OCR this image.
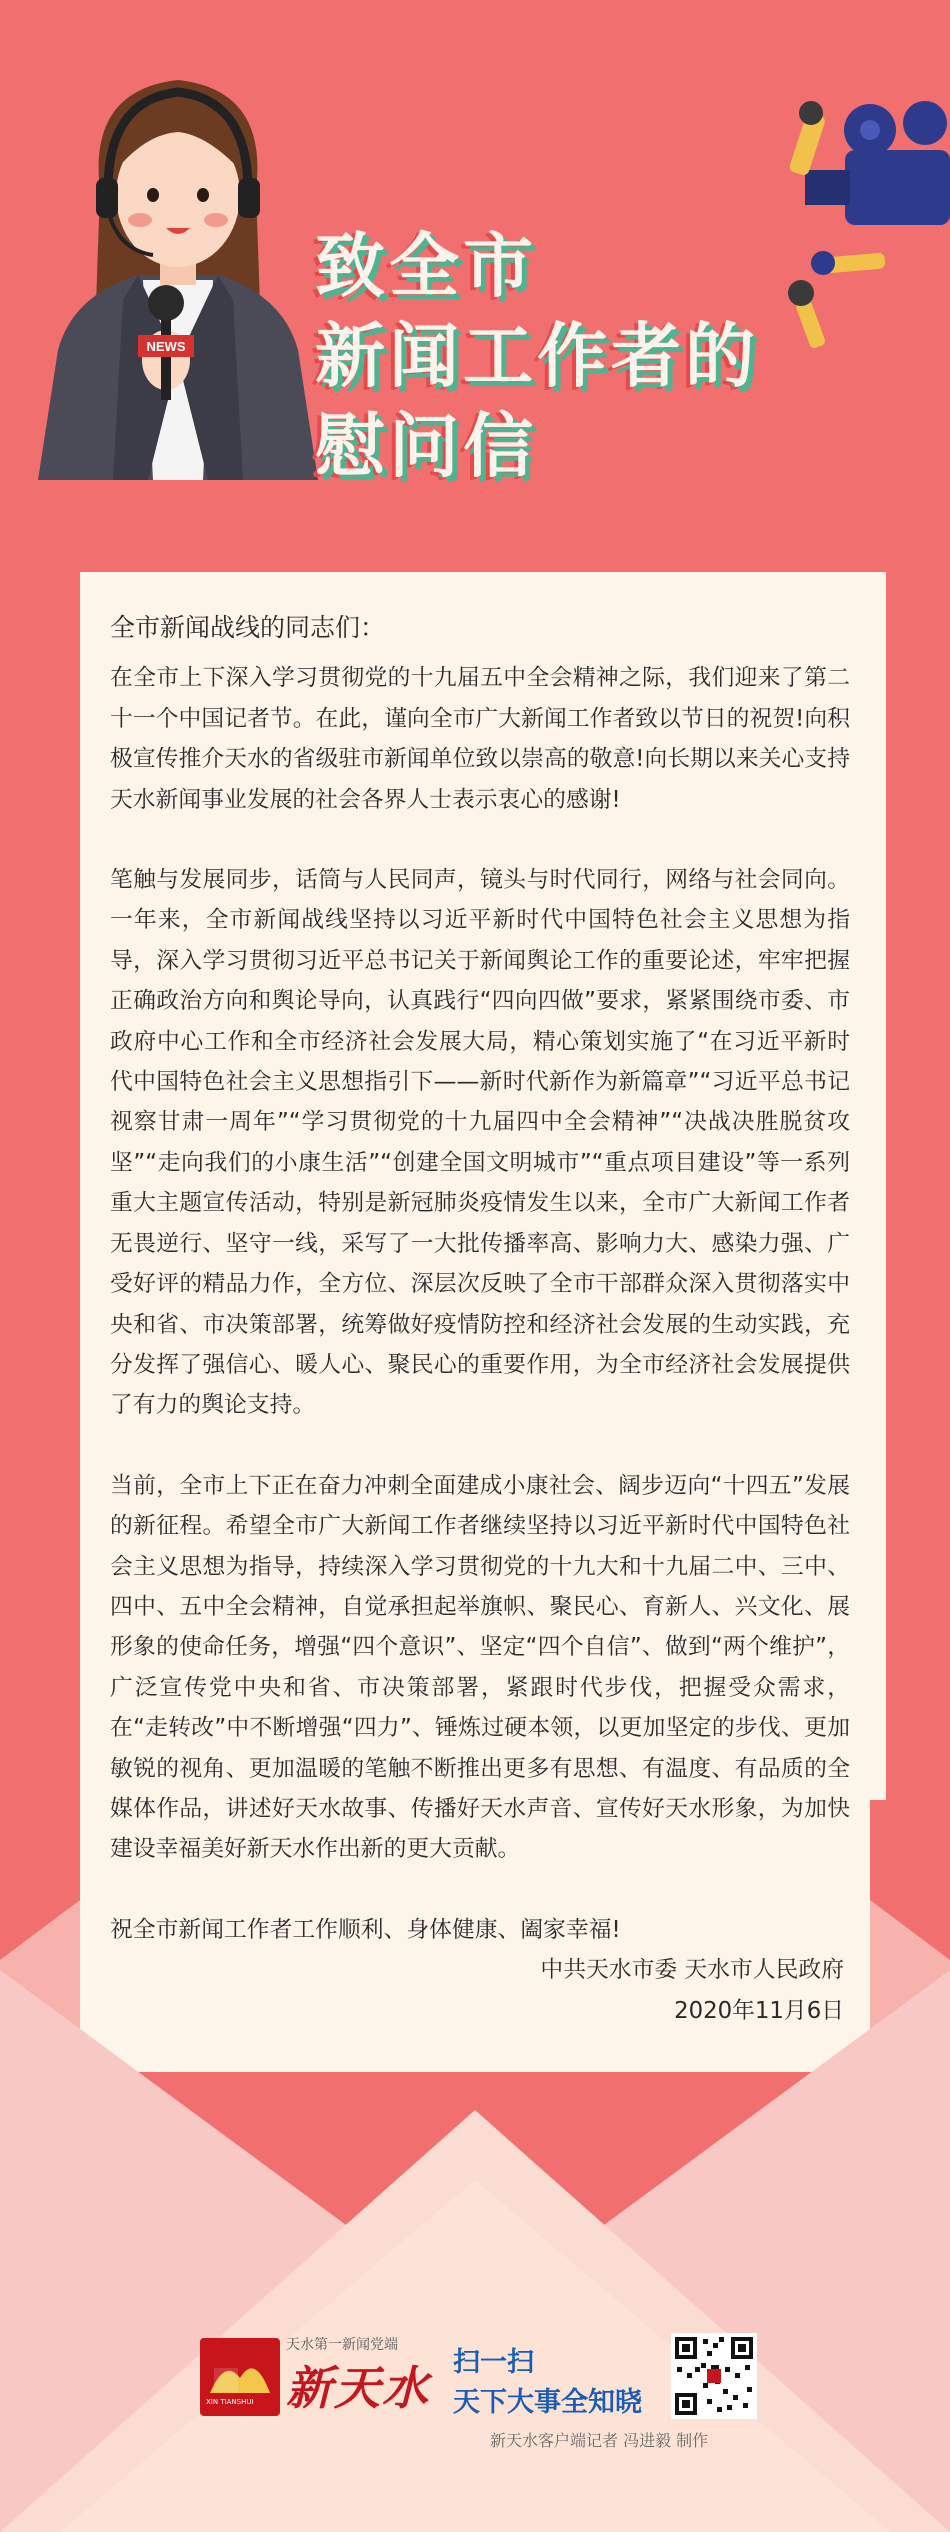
NEWS
致全市
新闻工作者的
慰问信

全市新闻战线的同志们：

在全市上下深入学习贯彻党的十九届五中全会精神之际，我们迎来了第二十一个中国记者节。在此，谨向全市广大新闻工作者致以节日的祝贺!向积极宣传推介天水的省级驻市新闻单位致以崇高的敬意!向长期以来关心支持天水新闻事业发展的社会各界人士表示衷心的感谢!

笔触与发展同步，话筒与人民同声，镜头与时代同行，网络与社会同向。一年来，全市新闻战线坚持以习近平新时代中国特色社会主义思想为指导，深入学习贯彻习近平总书记关于新闻舆论工作的重要论述，牢牢把握正确政治方向和舆论导向，认真践行“四向四做”要求，紧紧围绕市委、市政府中心工作和全市经济社会发展大局，精心策划实施了“在习近平新时代中国特色社会主义思想指引下——新时代新作为新篇章”“习近平总书记视察甘肃一周年”“学习贯彻党的十九届四中全会精神”“决战决胜脱贫攻坚”“走向我们的小康生活”“创建全国文明城市”“重点项目建设”等一系列重大主题宣传活动，特别是新冠肺炎疫情发生以来，全市广大新闻工作者无畏逆行、坚守一线，采写了一大批传播率高、影响力大、感染力强、广受好评的精品力作，全方位、深层次反映了全市干部群众深入贯彻落实中央和省、市决策部署，统筹做好疫情防控和经济社会发展的生动实践，充分发挥了强信心、暖人心、聚民心的重要作用，为全市经济社会发展提供了有力的舆论支持。

当前，全市上下正在奋力冲刺全面建成小康社会、阔步迈向“十四五”发展的新征程。希望全市广大新闻工作者继续坚持以习近平新时代中国特色社会主义思想为指导，持续深入学习贯彻党的十九大和十九届二中、三中、四中、五中全会精神，自觉承担起举旗帜、聚民心、育新人、兴文化、展形象的使命任务，增强“四个意识”、坚定“四个自信”、做到“两个维护”，广泛宣传党中央和省、市决策部署，紧跟时代步伐，把握受众需求，在“走转改”中不断增强“四力”、锤炼过硬本领，以更加坚定的步伐、更加敏锐的视角、更加温暖的笔触不断推出更多有思想、有温度、有品质的全媒体作品，讲述好天水故事、传播好天水声音、宣传好天水形象，为加快建设幸福美好新天水作出新的更大贡献。

祝全市新闻工作者工作顺利、身体健康、阖家幸福!

中共天水市委 天水市人民政府

2020年11月6日

XIN TIANSHUI
天水第一新闻党端
新天水 扫一扫
天下大事全知晓
新天水客户端记者 冯进毅 制作
